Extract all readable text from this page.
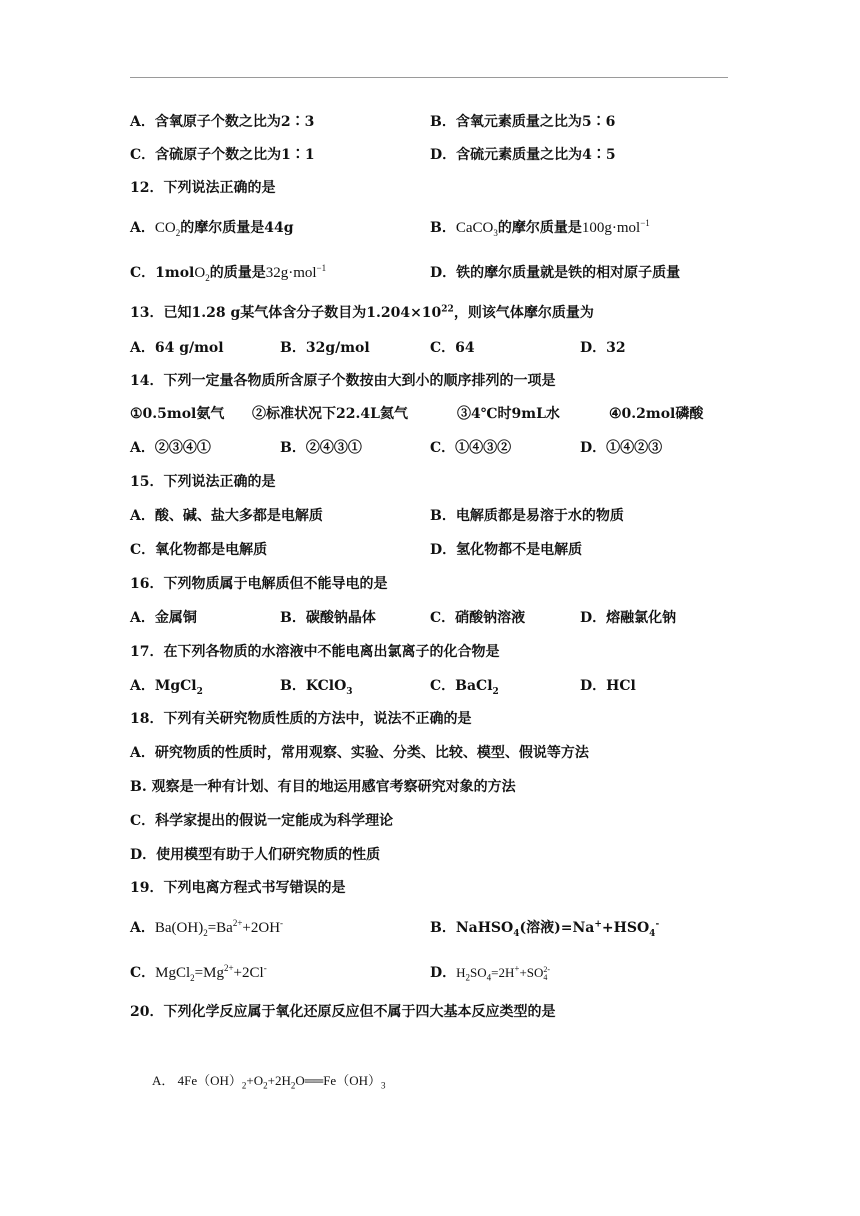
A．含氧原子个数之比为2∶3	B．含氧元素质量之比为5∶6
C．含硫原子个数之比为1∶1	D．含硫元素质量之比为4∶5
12．下列说法正确的是
A．$CO_2$的摩尔质量是44g	B．CaCO$_3$的摩尔质量是100g·mol$^{-1}$
C．1molO$_2$的质量是32g·mol$^{-1}$	D．铁的摩尔质量就是铁的相对原子质量
13．已知1.28 g某气体含分子数目为$1.204\times 10^{22}$，则该气体摩尔质量为
A．64 g/mol	B．32g/mol	C．64	D．32
14．下列一定量各物质所含原子个数按由大到小的顺序排列的一项是
①0.5mol氨气 ②标准状况下22.4L氦气	③4℃时9mL水	④0.2mol磷酸
A．②③④①	B．②④③①	C．①④③②	D．①④②③
15．下列说法正确的是
A．酸、碱、盐大多都是电解质	B．电解质都是易溶于水的物质
C．氧化物都是电解质	D．氢化物都不是电解质
16．下列物质属于电解质但不能导电的是
A．金属铜	B．碳酸钠晶体	C．硝酸钠溶液	D．熔融氯化钠
17．在下列各物质的水溶液中不能电离出氯离子的化合物是
A．MgCl$_2$	B．KClO$_3$	C．BaCl$_2$	D．HCl
18．下列有关研究物质性质的方法中，说法不正确的是
A．研究物质的性质时，常用观察、实验、分类、比较、模型、假说等方法
B. 观察是一种有计划、有目的地运用感官考察研究对象的方法
C．科学家提出的假说一定能成为科学理论
D．使用模型有助于人们研究物质的性质
19．下列电离方程式书写错误的是
A．$Ba(OH)_2=Ba^{2+}+2OH^-$	B．NaHSO$_4$(溶液)$=Na^++HSO_4^-$
C．$MgCl_2=Mg^{2+}+2Cl^-$	D．$H_2SO_4=2H^++SO$ 2-
4
20．下列化学反应属于氧化还原反应但不属于四大基本反应类型的是
A． $4Fe(OH)_2+O_2+2H_2O══Fe(OH)_3$
